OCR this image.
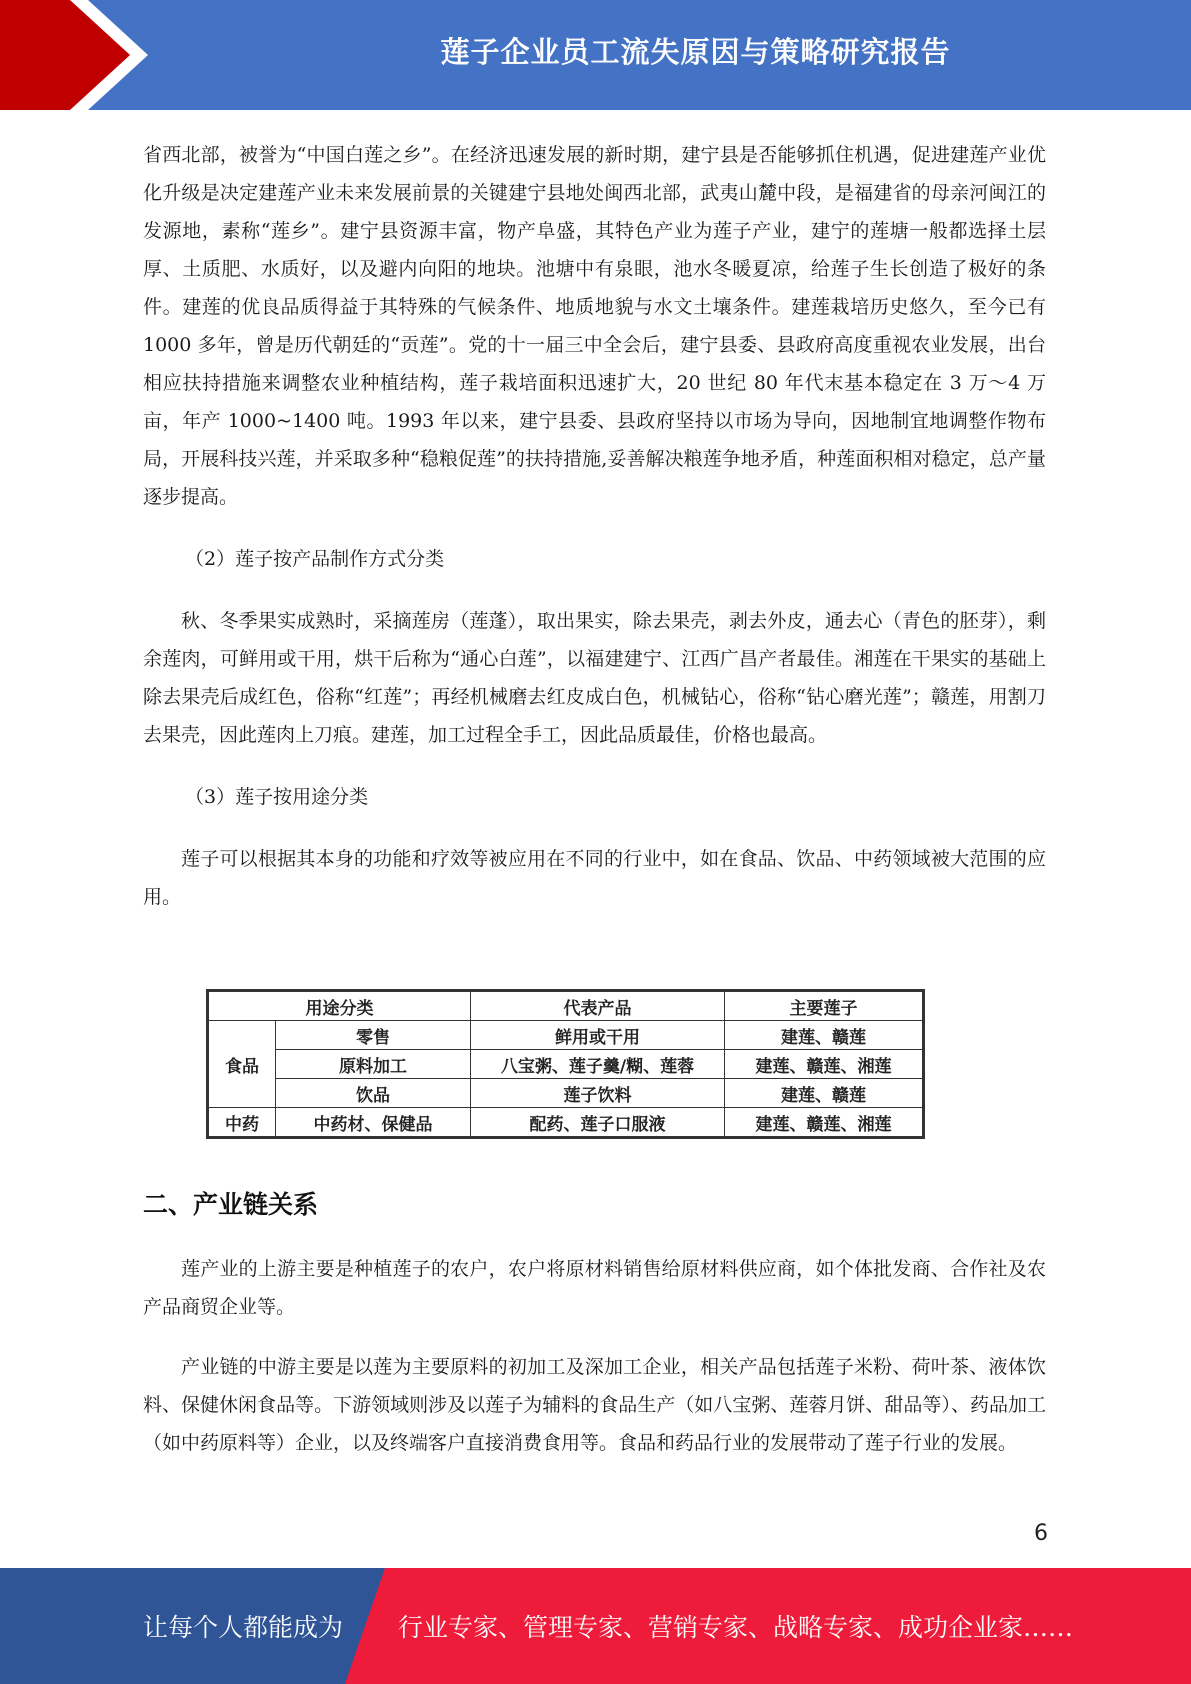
莲子企业员工流失原因与策略研究报告

省西北部，被誉为“中国白莲之乡”。在经济迅速发展的新时期，建宁县是否能够抓住机遇，促进建莲产业优化升级是决定建莲产业未来发展前景的关键建宁县地处闽西北部，武夷山麓中段，是福建省的母亲河闽江的发源地，素称“莲乡”。建宁县资源丰富，物产阜盛，其特色产业为莲子产业，建宁的莲塘一般都选择土层厚、土质肥、水质好，以及避内向阳的地块。池塘中有泉眼，池水冬暖夏凉，给莲子生长创造了极好的条件。建莲的优良品质得益于其特殊的气候条件、地质地貌与水文土壤条件。建莲栽培历史悠久，至今已有 1000 多年，曾是历代朝廷的“贡莲”。党的十一届三中全会后，建宁县委、县政府高度重视农业发展，出台相应扶持措施来调整农业种植结构，莲子栽培面积迅速扩大，20 世纪 80 年代末基本稳定在 3 万～4 万亩，年产 1000~1400 吨。1993 年以来，建宁县委、县政府坚持以市场为导向，因地制宜地调整作物布局，开展科技兴莲，并采取多种“稳粮促莲”的扶持措施,妥善解决粮莲争地矛盾，种莲面积相对稳定，总产量逐步提高。

（2）莲子按产品制作方式分类

秋、冬季果实成熟时，采摘莲房（莲蓬），取出果实，除去果壳，剥去外皮，通去心（青色的胚芽），剩余莲肉，可鲜用或干用，烘干后称为“通心白莲”，以福建建宁、江西广昌产者最佳。湘莲在干果实的基础上除去果壳后成红色，俗称“红莲”；再经机械磨去红皮成白色，机械钻心，俗称“钻心磨光莲”；赣莲，用割刀去果壳，因此莲肉上刀痕。建莲，加工过程全手工，因此品质最佳，价格也最高。

（3）莲子按用途分类

莲子可以根据其本身的功能和疗效等被应用在不同的行业中，如在食品、饮品、中药领域被大范围的应用。

用途分类		代表产品	主要莲子
食品	零售	鲜用或干用	建莲、赣莲
	原料加工	八宝粥、莲子羹/糊、莲蓉	建莲、赣莲、湘莲
	饮品	莲子饮料	建莲、赣莲
中药	中药材、保健品	配药、莲子口服液	建莲、赣莲、湘莲
二、产业链关系

莲产业的上游主要是种植莲子的农户，农户将原材料销售给原材料供应商，如个体批发商、合作社及农产品商贸企业等。

产业链的中游主要是以莲为主要原料的初加工及深加工企业，相关产品包括莲子米粉、荷叶茶、液体饮料、保健休闲食品等。下游领域则涉及以莲子为辅料的食品生产（如八宝粥、莲蓉月饼、甜品等）、药品加工（如中药原料等）企业，以及终端客户直接消费食用等。食品和药品行业的发展带动了莲子行业的发展。

6
让每个人都能成为 行业专家、管理专家、营销专家、战略专家、成功企业家……
